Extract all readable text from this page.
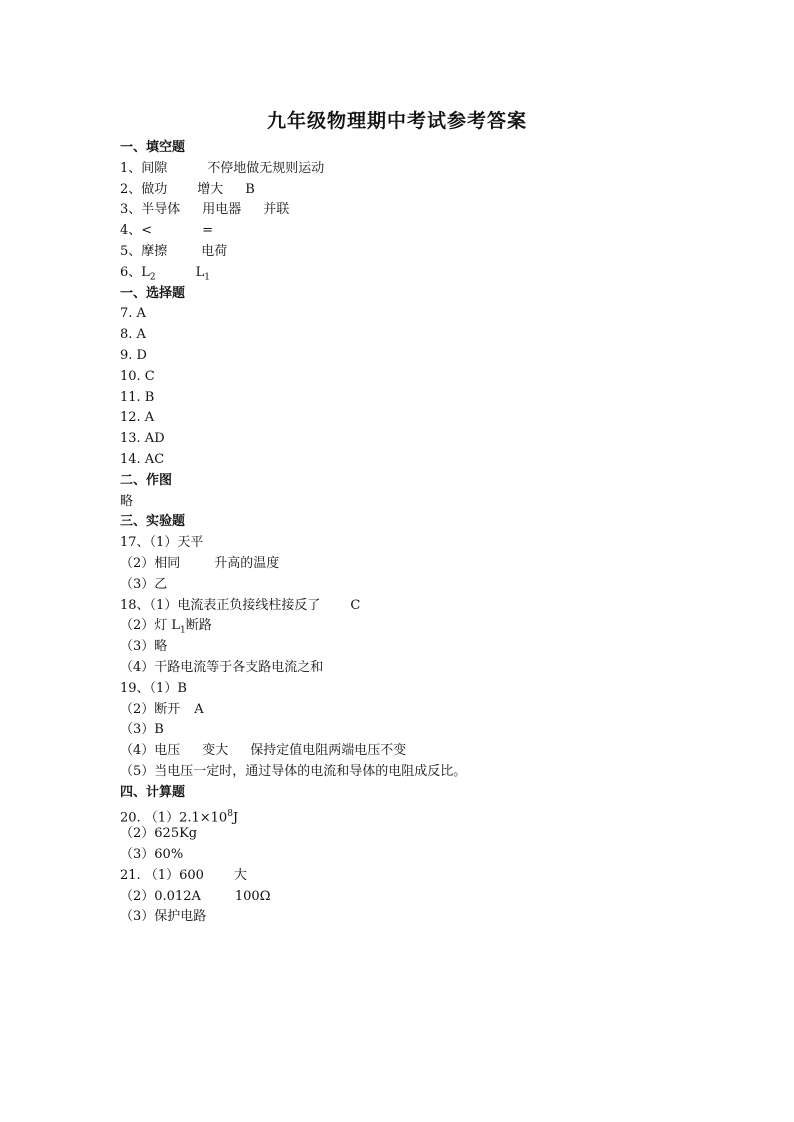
九年级物理期中考试参考答案
一、填空题
1、间隙	不停地做无规则运动
2、做功 增大 B
3、半导体 用电器 并联
4、<	=
5、摩擦	电荷
6、$L_2$	$L_1$
一、选择题
7. A
8. A
9. D
10. C
11. B
12. A
13. AD
14. AC
二、作图
略
三、实验题
17、（1）天平
（2）相同	升高的温度
（3）乙
18、（1）电流表正负接线柱接反了 C
（2）灯 $L_1$断路
（3）略
（4）干路电流等于各支路电流之和
19、（1）B
（2）断开 A
（3）B
（4）电压 变大 保持定值电阻两端电压不变
（5）当电压一定时，通过导体的电流和导体的电阻成反比。
四、计算题
20. $(1)2.1\times 10^8J$
（2）625Kg
（3）60%
21. （1）600 大
（2）0.012A	100Ω
（3）保护电路
